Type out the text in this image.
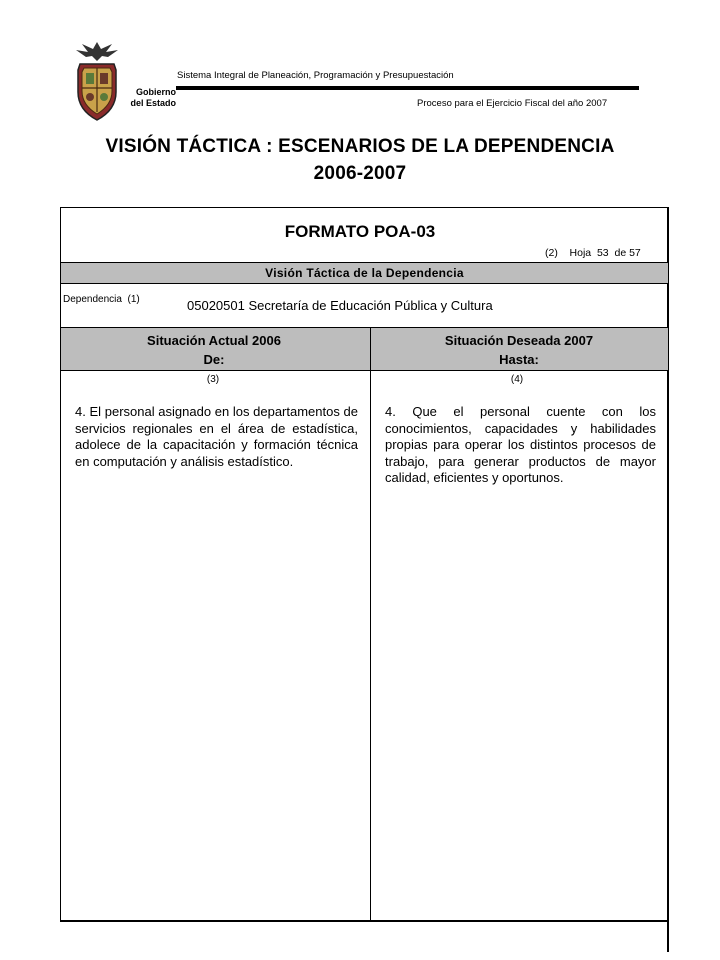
Gobierno
del Estado
Sistema Integral de Planeación, Programación y Presupuestación
Proceso para el Ejercicio Fiscal del año 2007
VISIÓN TÁCTICA : ESCENARIOS DE LA DEPENDENCIA
2006-2007
FORMATO POA-03
(2) Hoja 53 de 57
Visión Táctica de la Dependencia
Dependencia (1)	05020501 Secretaría de Educación Pública y Cultura
Situación Actual 2006
De:
Situación Deseada 2007
Hasta:
(3)	(4)
4. El personal asignado en los departamentos de servicios regionales en el área de estadística, adolece de la capacitación y formación técnica en computación y análisis estadístico.
4. Que el personal cuente con los conocimientos, capacidades y habilidades propias para operar los distintos procesos de trabajo, para generar productos de mayor calidad, eficientes y oportunos.
